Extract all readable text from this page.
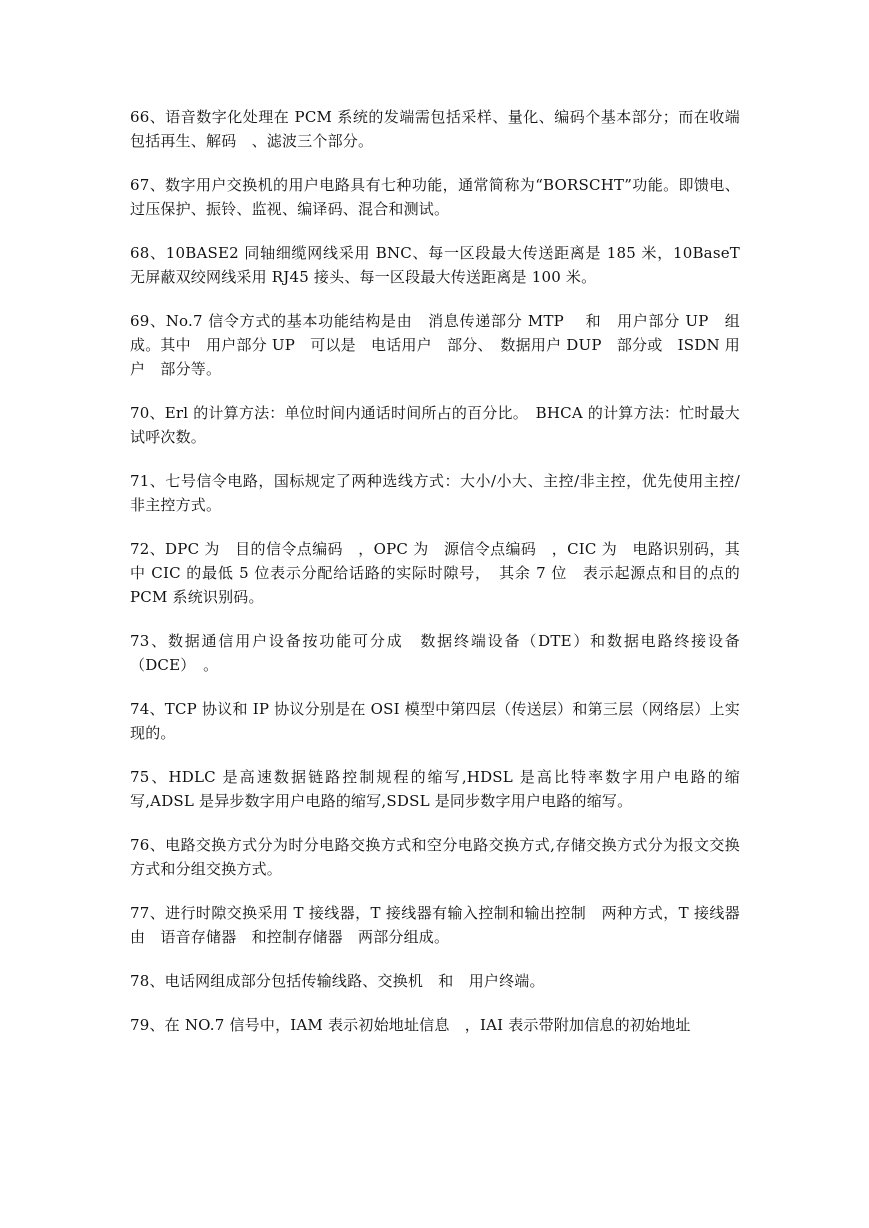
66、语音数字化处理在 PCM 系统的发端需包括采样、量化、编码个基本部分；而在收端包括再生、解码　、滤波三个部分。

67、数字用户交换机的用户电路具有七种功能，通常简称为“BORSCHT”功能。即馈电、过压保护、振铃、监视、编译码、混合和测试。

68、10BASE2 同轴细缆网线采用 BNC、每一区段最大传送距离是 185 米，10BaseT 无屏蔽双绞网线采用 RJ45 接头、每一区段最大传送距离是 100 米。

69、No.7 信令方式的基本功能结构是由　消息传递部分 MTP　 和　用户部分 UP　组成。其中　用户部分 UP　可以是　电话用户　部分、　数据用户 DUP　部分或　ISDN 用户　部分等。

70、Erl 的计算方法：单位时间内通话时间所占的百分比。　BHCA 的计算方法：忙时最大试呼次数。

71、七号信令电路，国标规定了两种选线方式：大小/小大、主控/非主控，优先使用主控/非主控方式。

72、DPC 为　目的信令点编码　，OPC 为　源信令点编码　，CIC 为　电路识别码，其中 CIC 的最低 5 位表示分配给话路的实际时隙号，　其余 7 位　表示起源点和目的点的 PCM 系统识别码。

73、数据通信用户设备按功能可分成　数据终端设备（DTE）和数据电路终接设备　（DCE）　。

74、TCP 协议和 IP 协议分别是在 OSI 模型中第四层（传送层）和第三层（网络层）上实现的。

75、HDLC 是高速数据链路控制规程的缩写,HDSL 是高比特率数字用户电路的缩写,ADSL 是异步数字用户电路的缩写,SDSL 是同步数字用户电路的缩写。

76、电路交换方式分为时分电路交换方式和空分电路交换方式,存储交换方式分为报文交换方式和分组交换方式。

77、进行时隙交换采用 T 接线器，T 接线器有输入控制和输出控制　两种方式，T 接线器由　语音存储器　和控制存储器　两部分组成。

78、电话网组成部分包括传输线路、交换机　和　用户终端。

79、在 NO.7 信号中，IAM 表示初始地址信息　，IAI 表示带附加信息的初始地址
